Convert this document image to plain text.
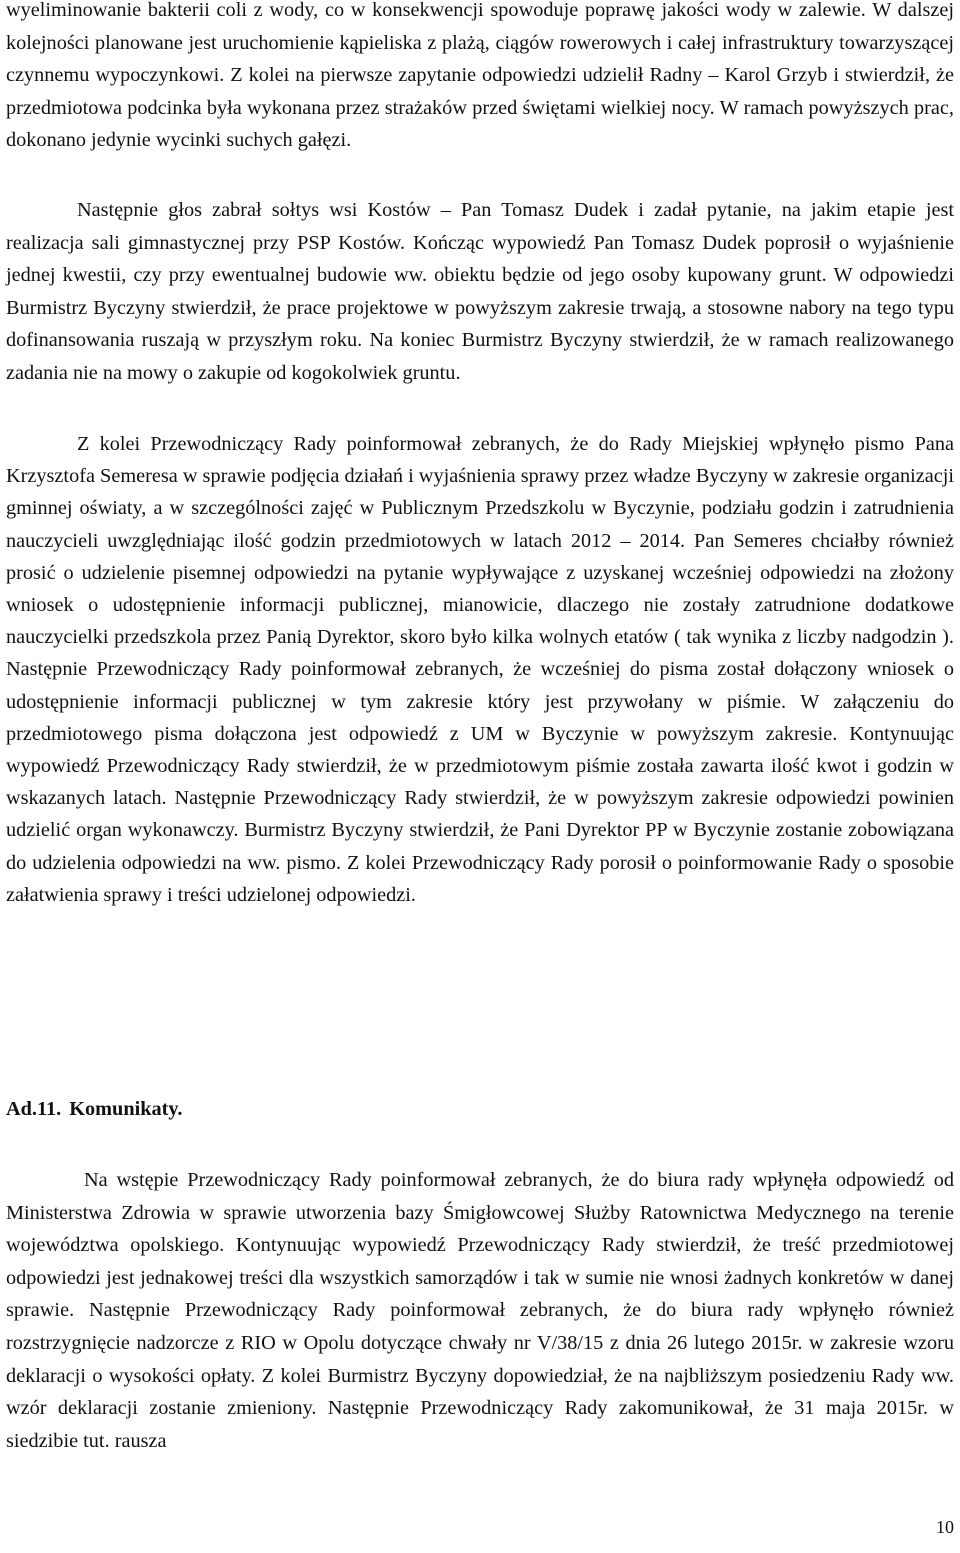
wyeliminowanie bakterii coli z wody, co w konsekwencji spowoduje poprawę jakości wody w zalewie. W dalszej kolejności planowane jest uruchomienie kąpieliska z plażą, ciągów rowerowych i całej infrastruktury towarzyszącej czynnemu wypoczynkowi. Z kolei na pierwsze zapytanie odpowiedzi udzielił Radny – Karol Grzyb i stwierdził, że przedmiotowa podcinka była wykonana przez strażaków przed świętami wielkiej nocy. W ramach powyższych prac, dokonano jedynie wycinki suchych gałęzi.

Następnie głos zabrał sołtys wsi Kostów – Pan Tomasz Dudek i zadał pytanie, na jakim etapie jest realizacja sali gimnastycznej przy PSP Kostów. Kończąc wypowiedź Pan Tomasz Dudek poprosił o wyjaśnienie jednej kwestii, czy przy ewentualnej budowie ww. obiektu będzie od jego osoby kupowany grunt. W odpowiedzi Burmistrz Byczyny stwierdził, że prace projektowe w powyższym zakresie trwają, a stosowne nabory na tego typu dofinansowania ruszają w przyszłym roku. Na koniec Burmistrz Byczyny stwierdził, że w ramach realizowanego zadania nie na mowy o zakupie od kogokolwiek gruntu.

Z kolei Przewodniczący Rady poinformował zebranych, że do Rady Miejskiej wpłynęło pismo Pana Krzysztofa Semeresa w sprawie podjęcia działań i wyjaśnienia sprawy przez władze Byczyny w zakresie organizacji gminnej oświaty, a w szczególności zajęć w Publicznym Przedszkolu w Byczynie, podziału godzin i zatrudnienia nauczycieli uwzględniając ilość godzin przedmiotowych w latach 2012 – 2014. Pan Semeres chciałby również prosić o udzielenie pisemnej odpowiedzi na pytanie wypływające z uzyskanej wcześniej odpowiedzi na złożony wniosek o udostępnienie informacji publicznej, mianowicie, dlaczego nie zostały zatrudnione dodatkowe nauczycielki przedszkola przez Panią Dyrektor, skoro było kilka wolnych etatów ( tak wynika z liczby nadgodzin ). Następnie Przewodniczący Rady poinformował zebranych, że wcześniej do pisma został dołączony wniosek o udostępnienie informacji publicznej w tym zakresie który jest przywołany w piśmie. W załączeniu do przedmiotowego pisma dołączona jest odpowiedź z UM w Byczynie w powyższym zakresie. Kontynuując wypowiedź Przewodniczący Rady stwierdził, że w przedmiotowym piśmie została zawarta ilość kwot i godzin w wskazanych latach. Następnie Przewodniczący Rady stwierdził, że w powyższym zakresie odpowiedzi powinien udzielić organ wykonawczy. Burmistrz Byczyny stwierdził, że Pani Dyrektor PP w Byczynie zostanie zobowiązana do udzielenia odpowiedzi na ww. pismo. Z kolei Przewodniczący Rady porosił o poinformowanie Rady o sposobie załatwienia sprawy i treści udzielonej odpowiedzi.

Ad.11. Komunikaty.

Na wstępie Przewodniczący Rady poinformował zebranych, że do biura rady wpłynęła odpowiedź od Ministerstwa Zdrowia w sprawie utworzenia bazy Śmigłowcowej Służby Ratownictwa Medycznego na terenie województwa opolskiego. Kontynuując wypowiedź Przewodniczący Rady stwierdził, że treść przedmiotowej odpowiedzi jest jednakowej treści dla wszystkich samorządów i tak w sumie nie wnosi żadnych konkretów w danej sprawie. Następnie Przewodniczący Rady poinformował zebranych, że do biura rady wpłynęło również rozstrzygnięcie nadzorcze z RIO w Opolu dotyczące chwały nr V/38/15 z dnia 26 lutego 2015r. w zakresie wzoru deklaracji o wysokości opłaty. Z kolei Burmistrz Byczyny dopowiedział, że na najbliższym posiedzeniu Rady ww. wzór deklaracji zostanie zmieniony. Następnie Przewodniczący Rady zakomunikował, że 31 maja 2015r. w siedzibie tut. rausza

10
